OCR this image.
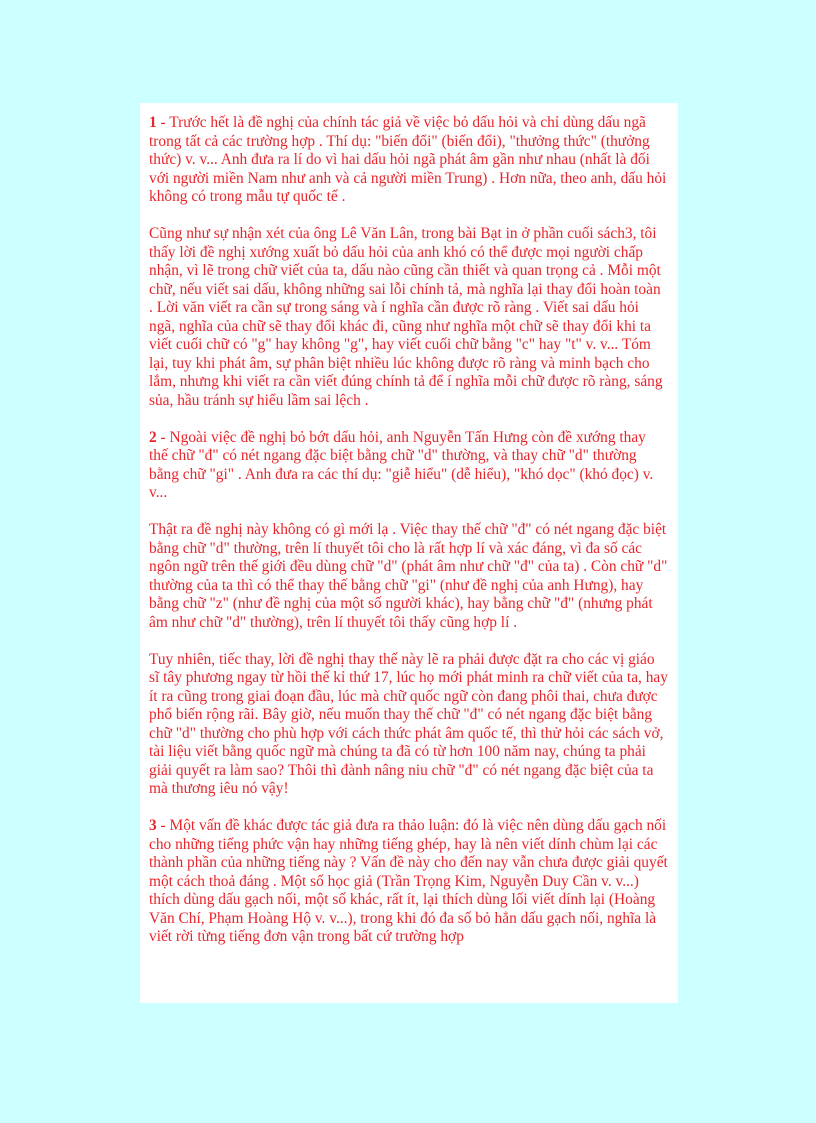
1 - Trước hết là đề nghị của chính tác giả về việc bỏ dấu hỏi và chỉ dùng dấu ngã trong tất cả các trường hợp . Thí dụ: "biến đổi" (biến đổi), "thưởng thức" (thưởng thức) v. v... Anh đưa ra lí do vì hai dấu hỏi ngã phát âm gần như nhau (nhất là đối với người miền Nam như anh và cả người miền Trung) . Hơn nữa, theo anh, dấu hỏi không có trong mẫu tự quốc tế .

Cũng như sự nhận xét của ông Lê Văn Lân, trong bài Bạt in ở phần cuối sách3, tôi thấy lời đề nghị xướng xuất bỏ dấu hỏi của anh khó có thể được mọi người chấp nhận, vì lẽ trong chữ viết của ta, dấu nào cũng cần thiết và quan trọng cả . Mỗi một chữ, nếu viết sai dấu, không những sai lỗi chính tả, mà nghĩa lại thay đổi hoàn toàn . Lời văn viết ra cần sự trong sáng và í nghĩa cần được rõ ràng . Viết sai dấu hỏi ngã, nghĩa của chữ sẽ thay đổi khác đi, cũng như nghĩa một chữ sẽ thay đổi khi ta viết cuối chữ có "g" hay không "g", hay viết cuối chữ bằng "c" hay "t" v. v... Tóm lại, tuy khi phát âm, sự phân biệt nhiều lúc không được rõ ràng và minh bạch cho lắm, nhưng khi viết ra cần viết đúng chính tả để í nghĩa mỗi chữ được rõ ràng, sáng sủa, hầu tránh sự hiểu lầm sai lệch .

2 - Ngoài việc đề nghị bỏ bớt dấu hỏi, anh Nguyễn Tấn Hưng còn đề xướng thay thế chữ "đ" có nét ngang đặc biệt bằng chữ "d" thường, và thay chữ "d" thường bằng chữ "gi" . Anh đưa ra các thí dụ: "giễ hiểu" (dễ hiểu), "khó dọc" (khó đọc) v. v...

Thật ra đề nghị này không có gì mới lạ . Việc thay thế chữ "đ" có nét ngang đặc biệt bằng chữ "d" thường, trên lí thuyết tôi cho là rất hợp lí và xác đáng, vì đa số các ngôn ngữ trên thế giới đều dùng chữ "d" (phát âm như chữ "đ" của ta) . Còn chữ "d" thường của ta thì có thể thay thế bằng chữ "gi" (như đề nghị của anh Hưng), hay bằng chữ "z" (như đề nghị của một số người khác), hay bằng chữ "đ" (nhưng phát âm như chữ "d" thường), trên lí thuyết tôi thấy cũng hợp lí .

Tuy nhiên, tiếc thay, lời đề nghị thay thế này lẽ ra phải được đặt ra cho các vị giáo sĩ tây phương ngay từ hồi thế kỉ thứ 17, lúc họ mới phát minh ra chữ viết của ta, hay ít ra cũng trong giai đoạn đầu, lúc mà chữ quốc ngữ còn đang phôi thai, chưa được phổ biến rộng rãi. Bây giờ, nếu muốn thay thế chữ "đ" có nét ngang đặc biệt bằng chữ "d" thường cho phù hợp với cách thức phát âm quốc tế, thì thử hỏi các sách vở, tài liệu viết bằng quốc ngữ mà chúng ta đã có từ hơn 100 năm nay, chúng ta phải giải quyết ra làm sao? Thôi thì đành nâng niu chữ "đ" có nét ngang đặc biệt của ta mà thương iêu nó vậy!

3 - Một vấn đề khác được tác giả đưa ra thảo luận: đó là việc nên dùng dấu gạch nối cho những tiếng phức vận hay những tiếng ghép, hay là nên viết dính chùm lại các thành phần của những tiếng này ? Vấn đề này cho đến nay vẫn chưa được giải quyết một cách thoả đáng . Một số học giả (Trần Trọng Kim, Nguyễn Duy Cần v. v...) thích dùng dấu gạch nối, một số khác, rất ít, lại thích dùng lối viết dính lại (Hoàng Văn Chí, Phạm Hoàng Hộ v. v...), trong khi đó đa số bỏ hẳn dấu gạch nối, nghĩa là viết rời từng tiếng đơn vận trong bất cứ trường hợp
